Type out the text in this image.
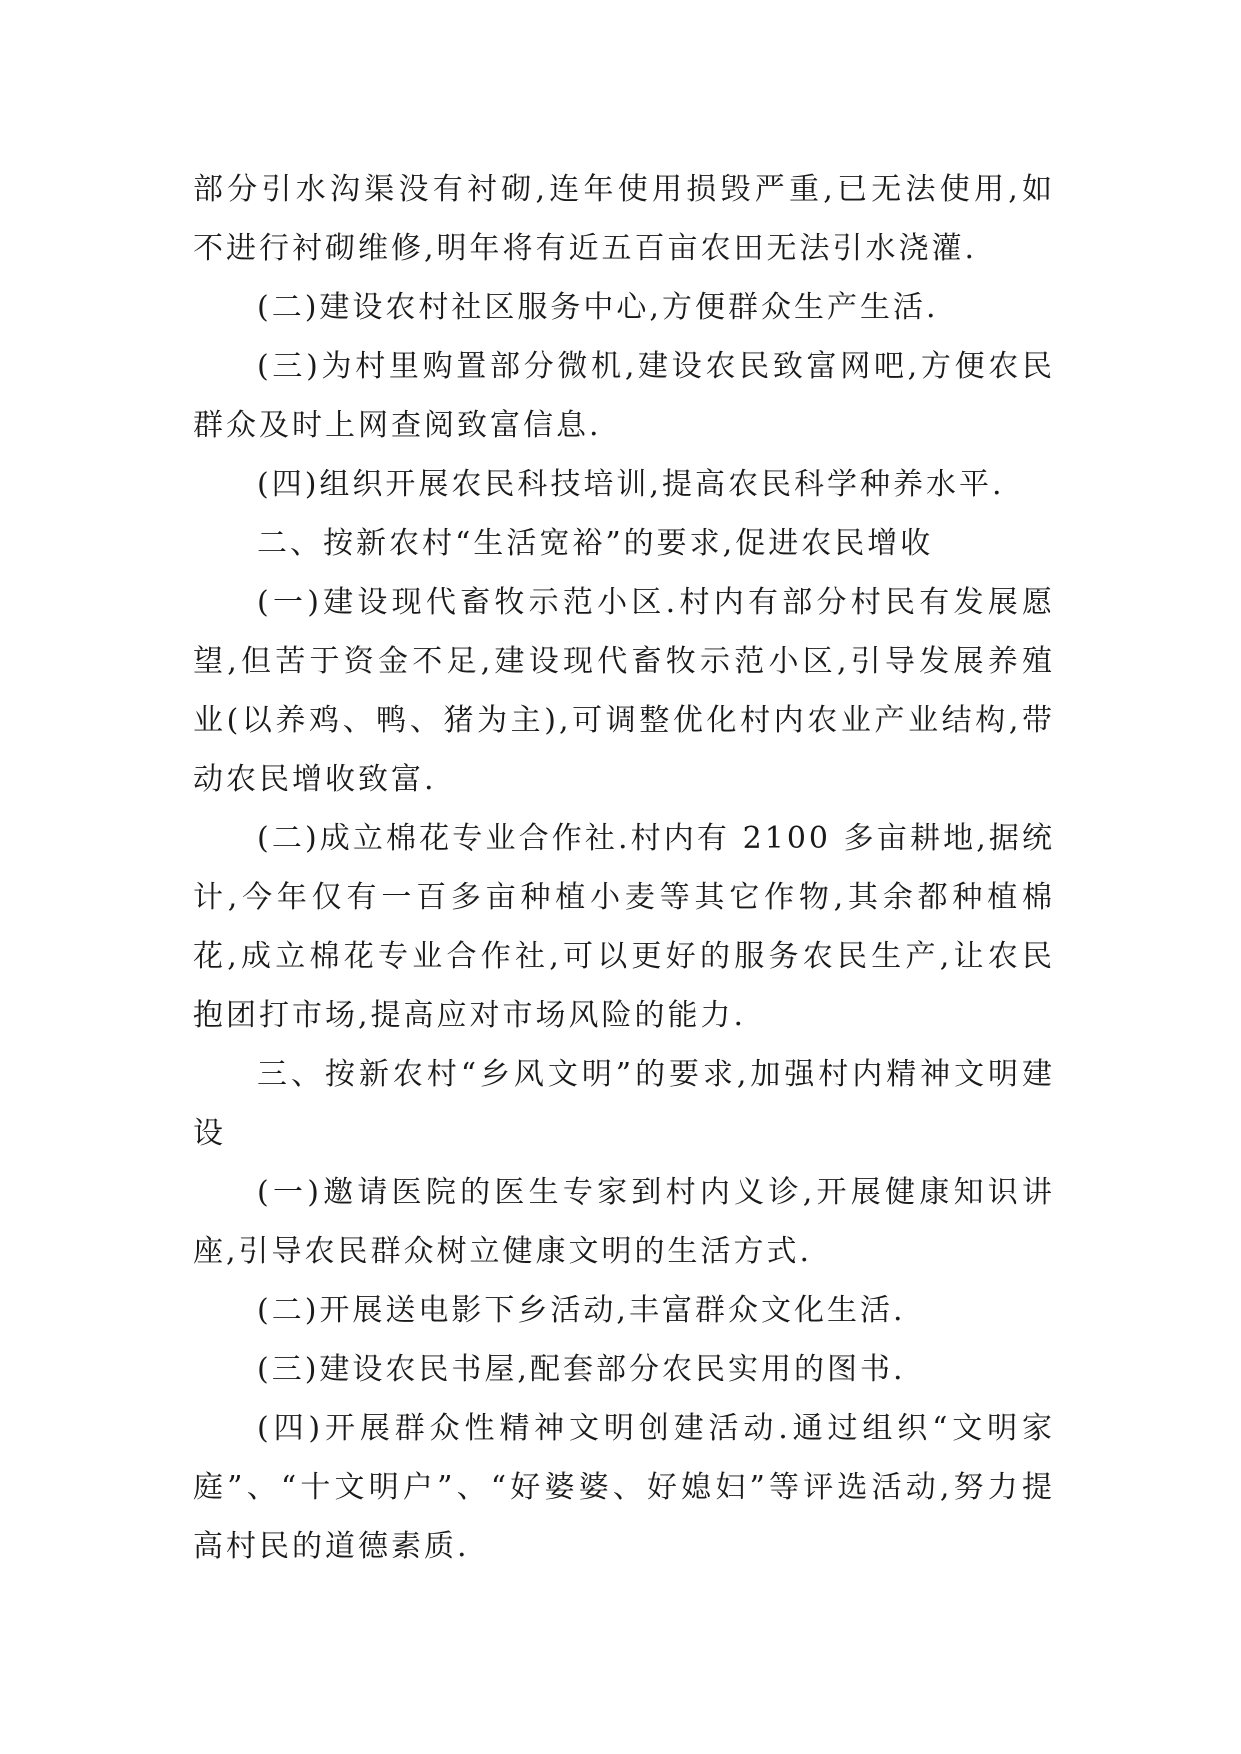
部分引水沟渠没有衬砌,连年使用损毁严重,已无法使用,如不进行衬砌维修,明年将有近五百亩农田无法引水浇灌.

(二)建设农村社区服务中心,方便群众生产生活.

(三)为村里购置部分微机,建设农民致富网吧,方便农民群众及时上网查阅致富信息.

(四)组织开展农民科技培训,提高农民科学种养水平.

二、按新农村“生活宽裕”的要求,促进农民增收

(一)建设现代畜牧示范小区.村内有部分村民有发展愿望,但苦于资金不足,建设现代畜牧示范小区,引导发展养殖业(以养鸡、鸭、猪为主),可调整优化村内农业产业结构,带动农民增收致富.

(二)成立棉花专业合作社.村内有 2100 多亩耕地,据统计,今年仅有一百多亩种植小麦等其它作物,其余都种植棉花,成立棉花专业合作社,可以更好的服务农民生产,让农民抱团打市场,提高应对市场风险的能力.

三、按新农村“乡风文明”的要求,加强村内精神文明建设

(一)邀请医院的医生专家到村内义诊,开展健康知识讲座,引导农民群众树立健康文明的生活方式.

(二)开展送电影下乡活动,丰富群众文化生活.

(三)建设农民书屋,配套部分农民实用的图书.

(四)开展群众性精神文明创建活动.通过组织“文明家庭”、“十文明户”、“好婆婆、好媳妇”等评选活动,努力提高村民的道德素质.
